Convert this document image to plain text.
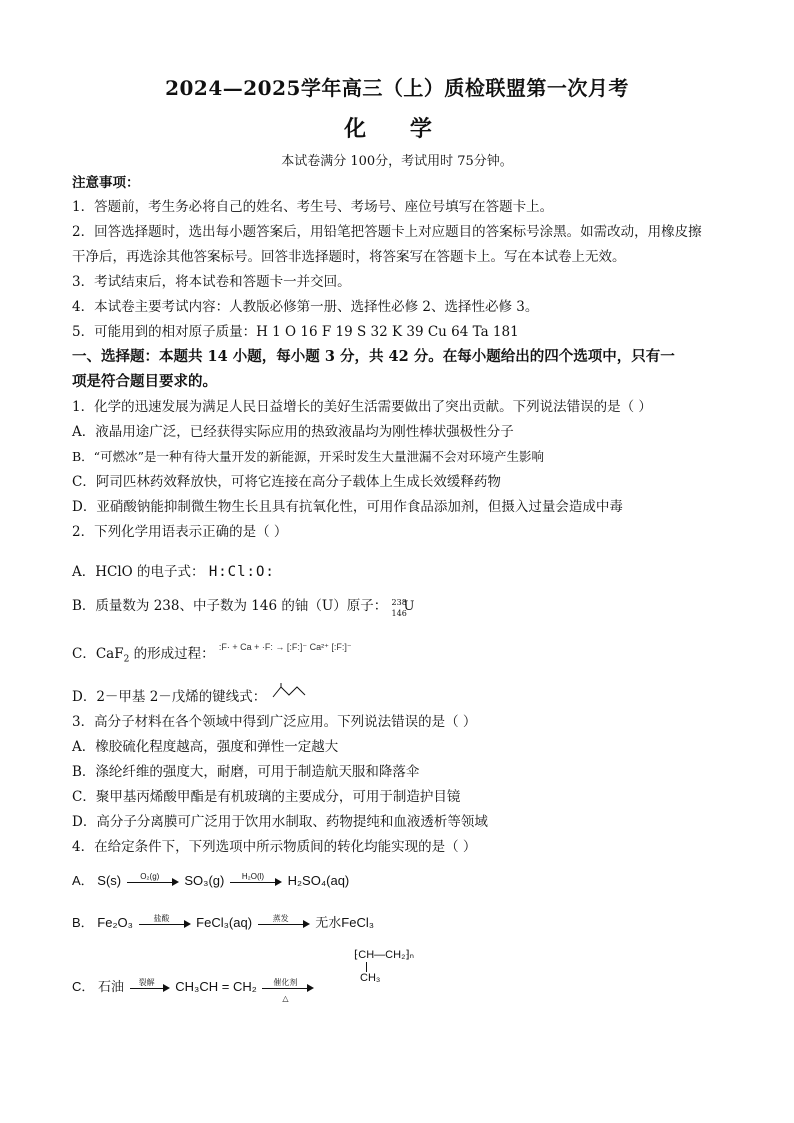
2024—2025学年高三（上）质检联盟第一次月考
化 学
本试卷满分 100分，考试用时 75分钟。
注意事项：
1．答题前，考生务必将自己的姓名、考生号、考场号、座位号填写在答题卡上。
2．回答选择题时，选出每小题答案后，用铅笔把答题卡上对应题目的答案标号涂黑。如需改动，用橡皮擦
干净后，再选涂其他答案标号。回答非选择题时，将答案写在答题卡上。写在本试卷上无效。
3．考试结束后，将本试卷和答题卡一并交回。
4．本试卷主要考试内容：人教版必修第一册、选择性必修 2、选择性必修 3。
5．可能用到的相对原子质量：H 1 O 16 F 19 S 32 K 39 Cu 64 Ta 181
一、选择题：本题共 14 小题，每小题 3 分，共 42 分。在每小题给出的四个选项中，只有一
项是符合题目要求的。
1．化学的迅速发展为满足人民日益增长的美好生活需要做出了突出贡献。下列说法错误的是（ ）
A．液晶用途广泛，已经获得实际应用的热致液晶均为刚性棒状强极性分子
B．“可燃冰”是一种有待大量开发的新能源，开采时发生大量泄漏不会对环境产生影响
C．阿司匹林药效释放快，可将它连接在高分子载体上生成长效缓释药物
D．亚硝酸钠能抑制微生物生长且具有抗氧化性，可用作食品添加剂，但摄入过量会造成中毒
2．下列化学用语表示正确的是（ ）
A．HClO 的电子式： H:Cl:O:
B．质量数为 238、中子数为 146 的铀（U）原子： 238
146
U
C．CaF$_2$ 的形成过程： :F· + Ca + ·F: → [:F:]⁻ Ca²⁺ [:F:]⁻
D．2－甲基 2－戊烯的键线式：
3．高分子材料在各个领域中得到广泛应用。下列说法错误的是（ ）
A．橡胶硫化程度越高，强度和弹性一定越大
B．涤纶纤维的强度大，耐磨，可用于制造航天服和降落伞
C．聚甲基丙烯酸甲酯是有机玻璃的主要成分，可用于制造护目镜
D．高分子分离膜可广泛用于饮用水制取、药物提纯和血液透析等领域
4．在给定条件下，下列选项中所示物质间的转化均能实现的是（ ）
A． S(s)	O₂(g)	SO₃(g)	H₂O(l)	H₂SO₄(aq)
B． Fe₂O₃	盐酸	FeCl₃(aq)	蒸发	无水FeCl₃
C． 石油	裂解	CH₃CH = CH₂	催化剂
△
⁅CH—CH₂⁆ₙ
CH₃
